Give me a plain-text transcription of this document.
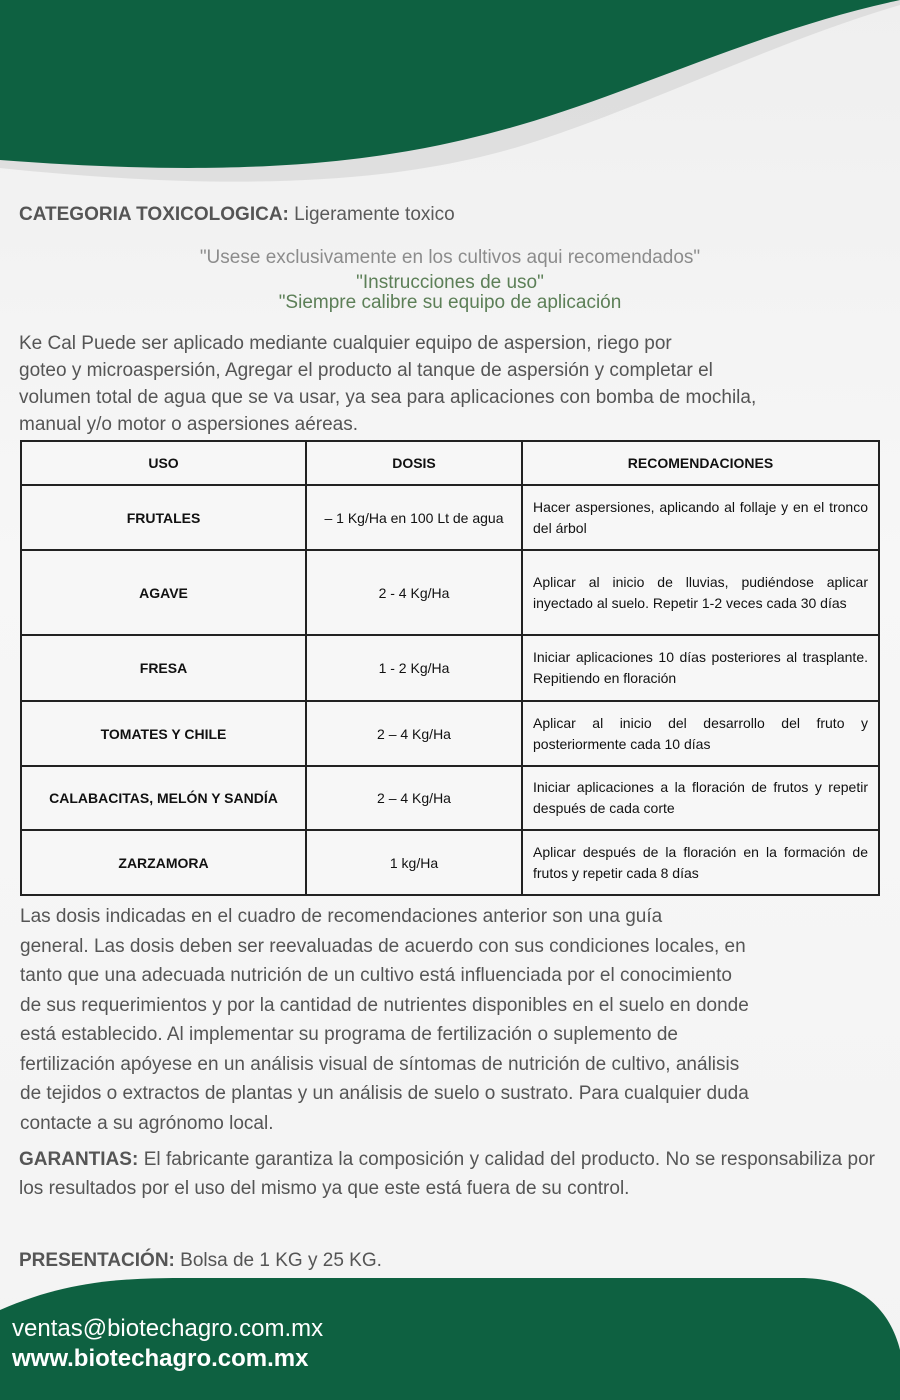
CATEGORIA TOXICOLOGICA: Ligeramente toxico
"Usese exclusivamente en los cultivos aqui recomendados"
"Instrucciones de uso"
"Siempre calibre su equipo de aplicación
Ke Cal Puede ser aplicado mediante cualquier equipo de aspersion, riego por
goteo y microaspersión, Agregar el producto al tanque de aspersión y completar el
volumen total de agua que se va usar, ya sea para aplicaciones con bomba de mochila,
manual y/o motor o aspersiones aéreas.
USO	DOSIS	RECOMENDACIONES
FRUTALES	– 1 Kg/Ha en 100 Lt de agua	Hacer aspersiones, aplicando al follaje y en el tronco del árbol
AGAVE	2 - 4 Kg/Ha	Aplicar al inicio de lluvias, pudiéndose aplicar inyectado al suelo. Repetir 1-2 veces cada 30 días
FRESA	1 - 2 Kg/Ha	Iniciar aplicaciones 10 días posteriores al trasplante. Repitiendo en floración
TOMATES Y CHILE	2 – 4 Kg/Ha	Aplicar al inicio del desarrollo del fruto y posteriormente cada 10 días
CALABACITAS, MELÓN Y SANDÍA	2 – 4 Kg/Ha	Iniciar aplicaciones a la floración de frutos y repetir después de cada corte
ZARZAMORA	1 kg/Ha	Aplicar después de la floración en la formación de frutos y repetir cada 8 días
Las dosis indicadas en el cuadro de recomendaciones anterior son una guía
general. Las dosis deben ser reevaluadas de acuerdo con sus condiciones locales, en
tanto que una adecuada nutrición de un cultivo está influenciada por el conocimiento
de sus requerimientos y por la cantidad de nutrientes disponibles en el suelo en donde
está establecido. Al implementar su programa de fertilización o suplemento de
fertilización apóyese en un análisis visual de síntomas de nutrición de cultivo, análisis
de tejidos o extractos de plantas y un análisis de suelo o sustrato. Para cualquier duda
contacte a su agrónomo local.
GARANTIAS: El fabricante garantiza la composición y calidad del producto. No se responsabiliza por los resultados por el uso del mismo ya que este está fuera de su control.
PRESENTACIÓN: Bolsa de 1 KG y 25 KG.
ventas@biotechagro.com.mx
www.biotechagro.com.mx
